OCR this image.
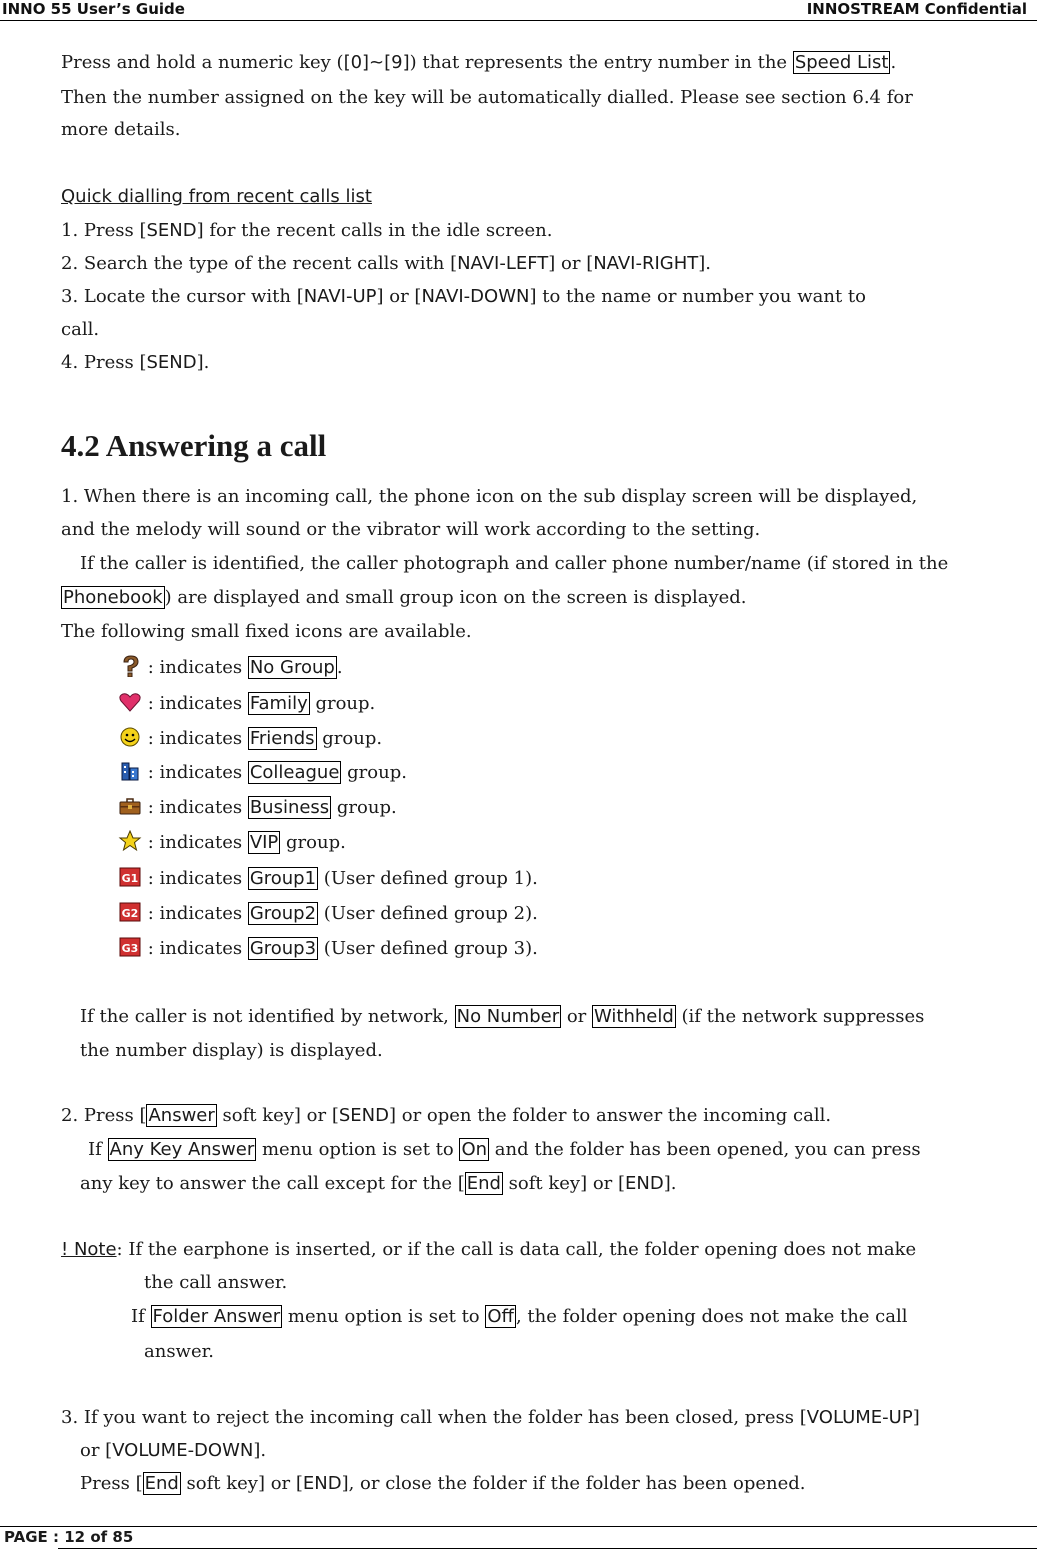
INNO 55 User’s Guide	INNOSTREAM Confidential
Press and hold a numeric key ([0]~[9]) that represents the entry number in the Speed List .
Then the number assigned on the key will be automatically dialled. Please see section 6.4 for
more details.
Quick dialling from recent calls list
1. Press [SEND] for the recent calls in the idle screen.
2. Search the type of the recent calls with [NAVI-LEFT] or [NAVI-RIGHT].
3. Locate the cursor with [NAVI-UP] or [NAVI-DOWN] to the name or number you want to
call.
4. Press [SEND].
4.2 Answering a call
1. When there is an incoming call, the phone icon on the sub display screen will be displayed,
and the melody will sound or the vibrator will work according to the setting.
If the caller is identified, the caller photograph and caller phone number/name (if stored in the
Phonebook ) are displayed and small group icon on the screen is displayed.
The following small fixed icons are available.
: indicates No Group .
: indicates Family group.
: indicates Friends group.
: indicates Colleague group.
: indicates Business group.
: indicates VIP group.
G1 : indicates Group1 (User defined group 1).
G2 : indicates Group2 (User defined group 2).
G3 : indicates Group3 (User defined group 3).
If the caller is not identified by network, No Number or Withheld (if the network suppresses
the number display) is displayed.
2. Press [ Answer soft key] or [SEND] or open the folder to answer the incoming call.
If Any Key Answer menu option is set to On and the folder has been opened, you can press
any key to answer the call except for the [ End soft key] or [END].
! Note: If the earphone is inserted, or if the call is data call, the folder opening does not make
the call answer.
If Folder Answer menu option is set to Off , the folder opening does not make the call
answer.
3. If you want to reject the incoming call when the folder has been closed, press [VOLUME-UP]
or [VOLUME-DOWN].
Press [ End soft key] or [END], or close the folder if the folder has been opened.
PAGE : 12 of 85
